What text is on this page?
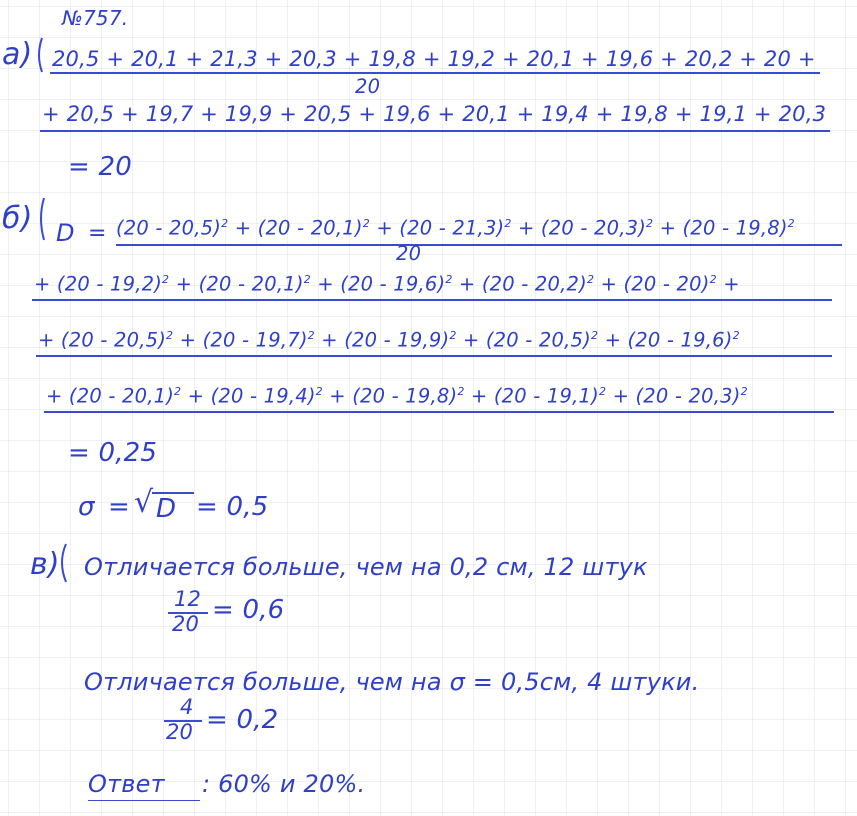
№757.
а) 20,5 + 20,1 + 21,3 + 20,3 + 19,8 + 19,2 + 20,1 + 19,6 + 20,2 + 20 +
20
+ 20,5 + 19,7 + 19,9 + 20,5 + 19,6 + 20,1 + 19,4 + 19,8 + 19,1 + 20,3
= 20
б) D = (20 - 20,5)$^2$ + (20 - 20,1)$^2$ + (20 - 21,3)$^2$ + (20 - 20,3)$^2$ + (20 - 19,8)$^2$
20
+ (20 - 19,2)$^2$ + (20 - 20,1)$^2$ + (20 - 19,6)$^2$ + (20 - 20,2)$^2$ + (20 - 20)$^2$ +
+ (20 - 20,5)$^2$ + (20 - 19,7)$^2$ + (20 - 19,9)$^2$ + (20 - 20,5)$^2$ + (20 - 19,6)$^2$
+ (20 - 20,1)$^2$ + (20 - 19,4)$^2$ + (20 - 19,8)$^2$ + (20 - 19,1)$^2$ + (20 - 20,3)$^2$
= 0,25
σ = √ D = 0,5
в) Отличается больше, чем на 0,2 см, 12 штук
12
20 = 0,6
Отличается больше, чем на σ = 0,5см, 4 штуки.
4
20 = 0,2
Ответ : 60% и 20%.
